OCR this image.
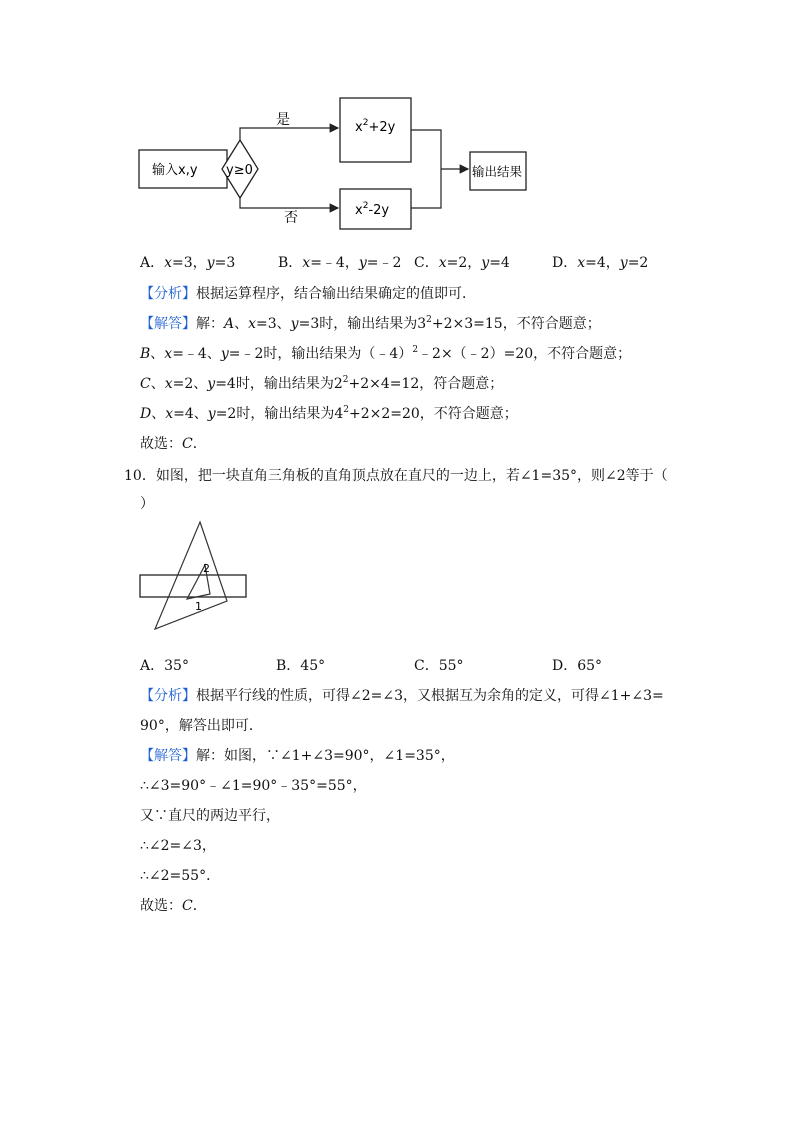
输入x,y y≥0
是
否
$x^2+2y$
$x^2-2y$
输出结果
A．x=3，y=3	B．x=﹣4，y=﹣2 C．x=2，y=4	D．x=4，y=2
【分析】根据运算程序，结合输出结果确定的值即可．
【解答】解：A、x=3、y=3时，输出结果为$3^2+2\times 3=15$，不符合题意；
B、x=﹣4、y=﹣2时，输出结果为（﹣4）$^2$﹣2×（﹣2）=20，不符合题意；
C、x=2、y=4时，输出结果为$2^2+2\times 4=12$，符合题意；
D、x=4、y=2时，输出结果为$4^2+2\times 2=20$，不符合题意；
故选：C．
10．如图，把一块直角三角板的直角顶点放在直尺的一边上，若∠1=35°，则∠2等于（
）
2
1
A．35°	B．45°	C．55°	D．65°
【分析】根据平行线的性质，可得∠2=∠3，又根据互为余角的定义，可得∠1+∠3=
90°，解答出即可．
【解答】解：如图，∵∠1+∠3=90°，∠1=35°，
∴∠3=90°﹣∠1=90°﹣35°=55°，
又∵直尺的两边平行，
∴∠2=∠3，
∴∠2=55°．
故选：C．
